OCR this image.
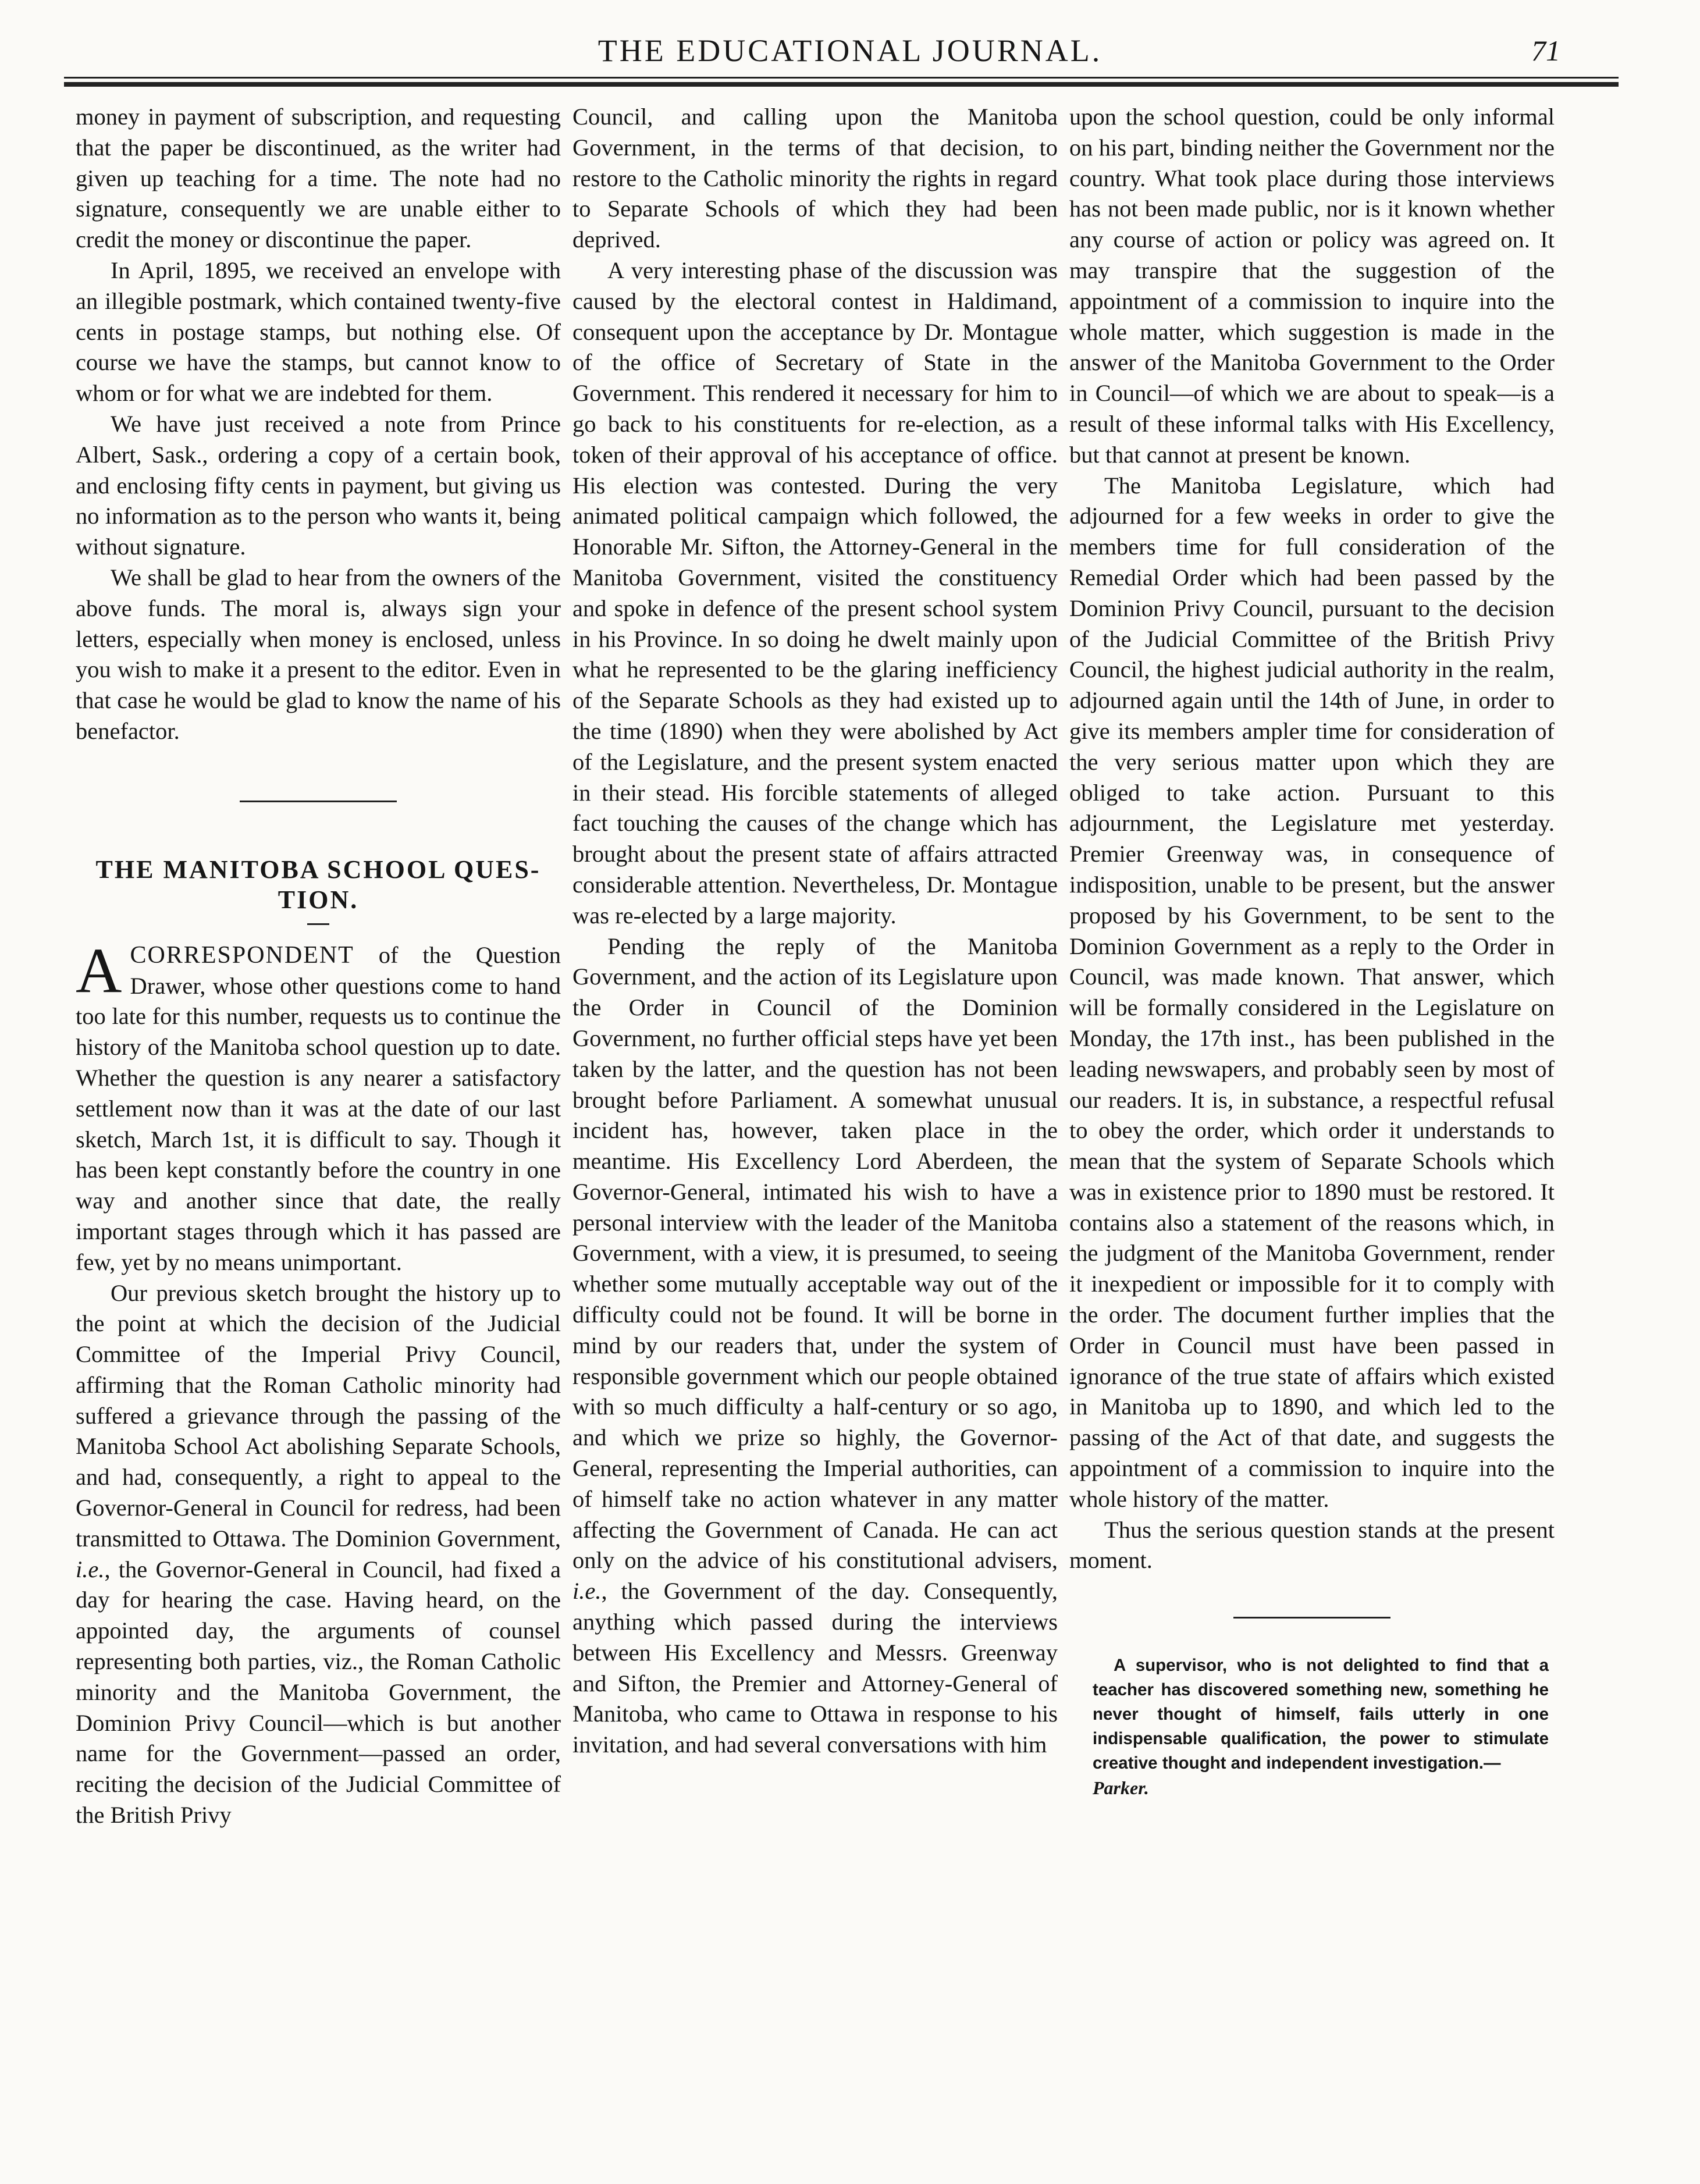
THE EDUCATIONAL JOURNAL.	71

money in payment of subscription, and requesting that the paper be discontinued, as the writer had given up teaching for a time. The note had no signature, consequently we are unable either to credit the money or discontinue the paper.

In April, 1895, we received an envelope with an illegible postmark, which contained twenty-five cents in postage stamps, but nothing else. Of course we have the stamps, but cannot know to whom or for what we are indebted for them.

We have just received a note from Prince Albert, Sask., ordering a copy of a certain book, and enclosing fifty cents in payment, but giving us no information as to the person who wants it, being without signature.

We shall be glad to hear from the owners of the above funds. The moral is, always sign your letters, especially when money is enclosed, unless you wish to make it a present to the editor. Even in that case he would be glad to know the name of his benefactor.

THE MANITOBA SCHOOL QUES-
TION.

ACORRESPONDENT of the Question Drawer, whose other questions come to hand too late for this number, requests us to continue the history of the Manitoba school question up to date. Whether the question is any nearer a satisfactory settlement now than it was at the date of our last sketch, March 1st, it is difficult to say. Though it has been kept constantly before the country in one way and another since that date, the really important stages through which it has passed are few, yet by no means unimportant.

Our previous sketch brought the history up to the point at which the decision of the Judicial Committee of the Imperial Privy Council, affirming that the Roman Catholic minority had suffered a grievance through the passing of the Manitoba School Act abolishing Separate Schools, and had, consequently, a right to appeal to the Governor-General in Council for redress, had been transmitted to Ottawa. The Dominion Government, i.e., the Governor-General in Council, had fixed a day for hearing the case. Having heard, on the appointed day, the arguments of counsel representing both parties, viz., the Roman Catholic minority and the Manitoba Government, the Dominion Privy Council—which is but another name for the Government—passed an order, reciting the decision of the Judicial Committee of the British Privy

Council, and calling upon the Manitoba Government, in the terms of that decision, to restore to the Catholic minority the rights in regard to Separate Schools of which they had been deprived.

A very interesting phase of the discussion was caused by the electoral contest in Haldimand, consequent upon the acceptance by Dr. Montague of the office of Secretary of State in the Government. This rendered it necessary for him to go back to his constituents for re-election, as a token of their approval of his acceptance of office. His election was contested. During the very animated political campaign which followed, the Honorable Mr. Sifton, the Attorney-General in the Manitoba Government, visited the constituency and spoke in defence of the present school system in his Province. In so doing he dwelt mainly upon what he represented to be the glaring inefficiency of the Separate Schools as they had existed up to the time (1890) when they were abolished by Act of the Legislature, and the present system enacted in their stead. His forcible statements of alleged fact touching the causes of the change which has brought about the present state of affairs attracted considerable attention. Nevertheless, Dr. Montague was re-elected by a large majority.

Pending the reply of the Manitoba Government, and the action of its Legislature upon the Order in Council of the Dominion Government, no further official steps have yet been taken by the latter, and the question has not been brought before Parliament. A somewhat unusual incident has, however, taken place in the meantime. His Excellency Lord Aberdeen, the Governor-General, intimated his wish to have a personal interview with the leader of the Manitoba Government, with a view, it is presumed, to seeing whether some mutually acceptable way out of the difficulty could not be found. It will be borne in mind by our readers that, under the system of responsible government which our people obtained with so much difficulty a half-century or so ago, and which we prize so highly, the Governor-General, representing the Imperial authorities, can of himself take no action whatever in any matter affecting the Government of Canada. He can act only on the advice of his constitutional advisers, i.e., the Government of the day. Consequently, anything which passed during the interviews between His Excellency and Messrs. Greenway and Sifton, the Premier and Attorney-General of Manitoba, who came to Ottawa in response to his invitation, and had several conversations with him

upon the school question, could be only informal on his part, binding neither the Government nor the country. What took place during those interviews has not been made public, nor is it known whether any course of action or policy was agreed on. It may transpire that the suggestion of the appointment of a commission to inquire into the whole matter, which suggestion is made in the answer of the Manitoba Government to the Order in Council—of which we are about to speak—is a result of these informal talks with His Excellency, but that cannot at present be known.

The Manitoba Legislature, which had adjourned for a few weeks in order to give the members time for full consideration of the Remedial Order which had been passed by the Dominion Privy Council, pursuant to the decision of the Judicial Committee of the British Privy Council, the highest judicial authority in the realm, adjourned again until the 14th of June, in order to give its members ampler time for consideration of the very serious matter upon which they are obliged to take action. Pursuant to this adjournment, the Legislature met yesterday. Premier Greenway was, in consequence of indisposition, unable to be present, but the answer proposed by his Government, to be sent to the Dominion Government as a reply to the Order in Council, was made known. That answer, which will be formally considered in the Legislature on Monday, the 17th inst., has been published in the leading newswapers, and probably seen by most of our readers. It is, in substance, a respectful refusal to obey the order, which order it understands to mean that the system of Separate Schools which was in existence prior to 1890 must be restored. It contains also a statement of the reasons which, in the judgment of the Manitoba Government, render it inexpedient or impossible for it to comply with the order. The document further implies that the Order in Council must have been passed in ignorance of the true state of affairs which existed in Manitoba up to 1890, and which led to the passing of the Act of that date, and suggests the appointment of a commission to inquire into the whole history of the matter.

Thus the serious question stands at the present moment.

A supervisor, who is not delighted to find that a teacher has discovered something new, something he never thought of himself, fails utterly in one indispensable qualification, the power to stimulate creative thought and independent investigation.—
Parker.
